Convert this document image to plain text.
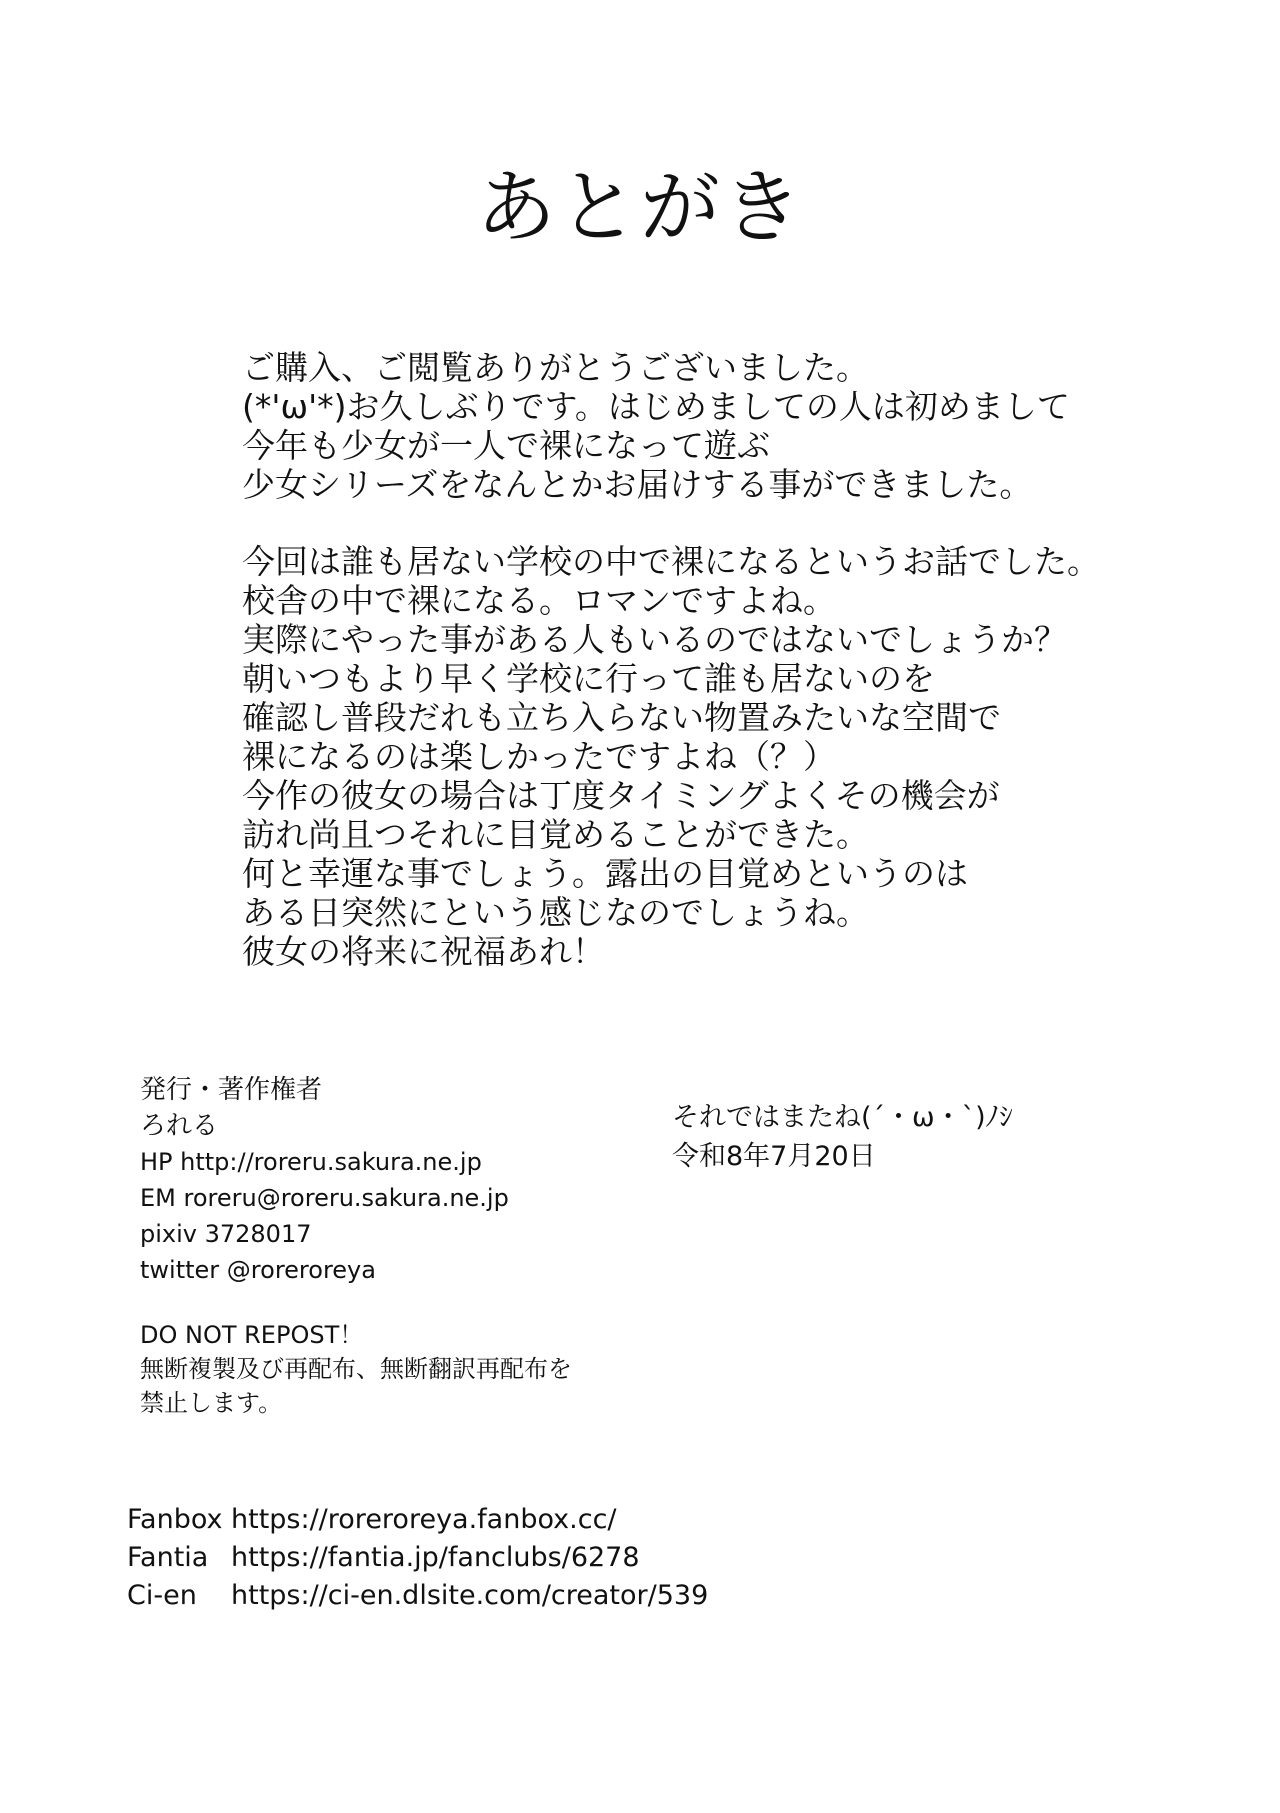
あとがき
ご購入、ご閲覧ありがとうございました。
(*'ω'*)お久しぶりです。はじめましての人は初めまして
今年も少女が一人で裸になって遊ぶ
少女シリーズをなんとかお届けする事ができました。
今回は誰も居ない学校の中で裸になるというお話でした。
校舎の中で裸になる。ロマンですよね。
実際にやった事がある人もいるのではないでしょうか？
朝いつもより早く学校に行って誰も居ないのを
確認し普段だれも立ち入らない物置みたいな空間で
裸になるのは楽しかったですよね（？）
今作の彼女の場合は丁度タイミングよくその機会が
訪れ尚且つそれに目覚めることができた。
何と幸運な事でしょう。露出の目覚めというのは
ある日突然にという感じなのでしょうね。
彼女の将来に祝福あれ！
発行・著作権者
ろれる
HP http://roreru.sakura.ne.jp
EM roreru@roreru.sakura.ne.jp
pixiv 3728017
twitter @roreroreya
DO NOT REPOST！
無断複製及び再配布、無断翻訳再配布を
禁止します。
それではまたね(´・ω・`)ﾉｼ
令和8年7月20日
Fanbox https://roreroreya.fanbox.cc/
Fantia https://fantia.jp/fanclubs/6278
Ci-en	https://ci-en.dlsite.com/creator/539
